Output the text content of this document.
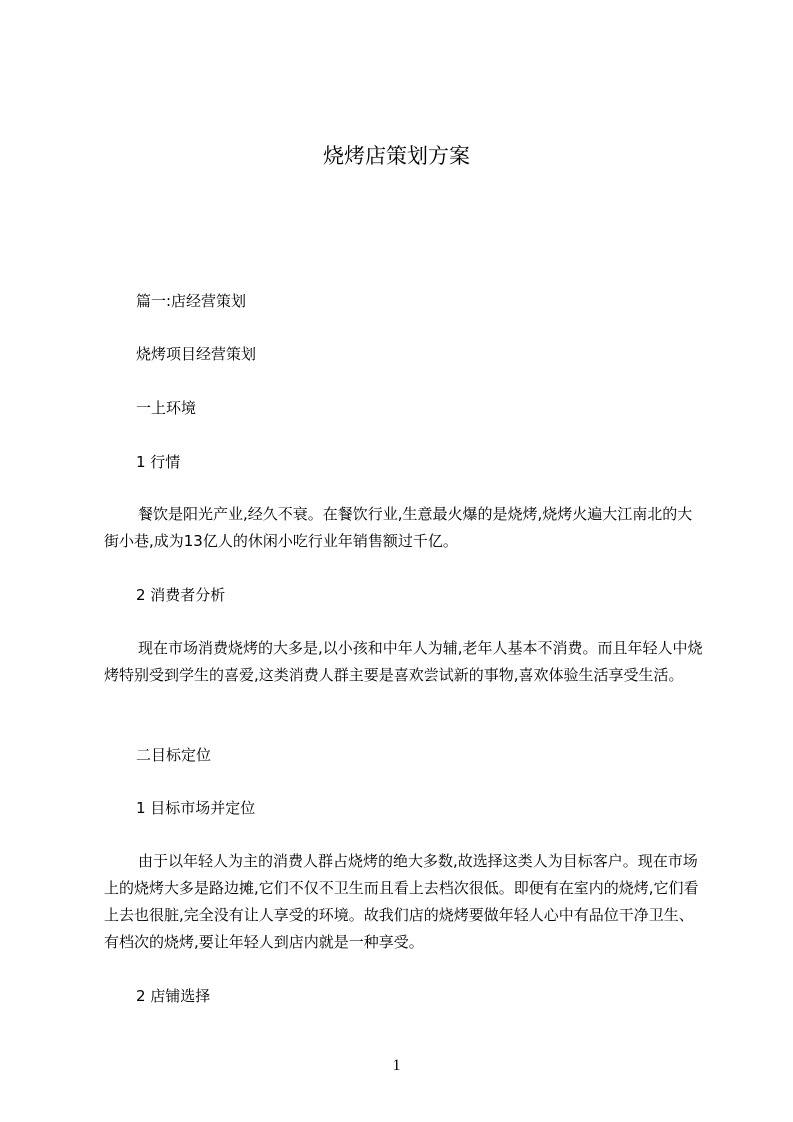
烧烤店策划方案

篇一:店经营策划

烧烤项目经营策划

一上环境

1 行情

餐饮是阳光产业,经久不衰。在餐饮行业,生意最火爆的是烧烤,烧烤火遍大江南北的大街小巷,成为13亿人的休闲小吃行业年销售额过千亿。

2 消费者分析

现在市场消费烧烤的大多是,以小孩和中年人为辅,老年人基本不消费。而且年轻人中烧烤特别受到学生的喜爱,这类消费人群主要是喜欢尝试新的事物,喜欢体验生活享受生活。

二目标定位

1 目标市场并定位

由于以年轻人为主的消费人群占烧烤的绝大多数,故选择这类人为目标客户。现在市场上的烧烤大多是路边摊,它们不仅不卫生而且看上去档次很低。即便有在室内的烧烤,它们看上去也很脏,完全没有让人享受的环境。故我们店的烧烤要做年轻人心中有品位干净卫生、有档次的烧烤,要让年轻人到店内就是一种享受。

2 店铺选择

1
